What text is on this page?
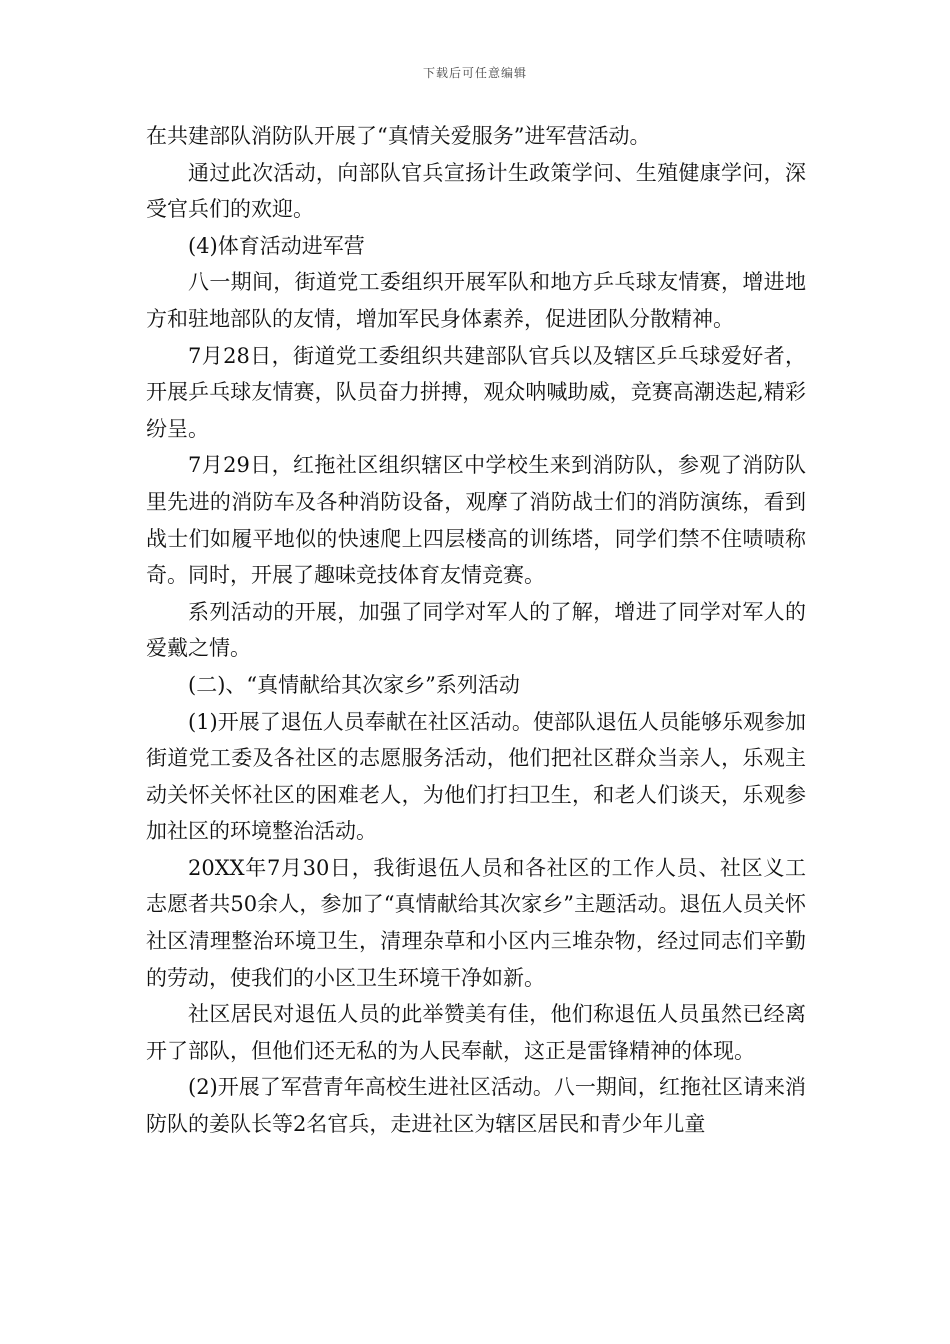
下载后可任意编辑

在共建部队消防队开展了“真情关爱服务”进军营活动。

通过此次活动，向部队官兵宣扬计生政策学问、生殖健康学问，深受官兵们的欢迎。

(4)体育活动进军营

八一期间，街道党工委组织开展军队和地方乒乓球友情赛，增进地方和驻地部队的友情，增加军民身体素养，促进团队分散精神。

7月28日，街道党工委组织共建部队官兵以及辖区乒乓球爱好者，开展乒乓球友情赛，队员奋力拼搏，观众呐喊助威，竞赛高潮迭起,精彩纷呈。

7月29日，红拖社区组织辖区中学校生来到消防队，参观了消防队里先进的消防车及各种消防设备，观摩了消防战士们的消防演练，看到战士们如履平地似的快速爬上四层楼高的训练塔，同学们禁不住啧啧称奇。同时，开展了趣味竞技体育友情竞赛。

系列活动的开展，加强了同学对军人的了解，增进了同学对军人的爱戴之情。

(二)、“真情献给其次家乡”系列活动

(1)开展了退伍人员奉献在社区活动。使部队退伍人员能够乐观参加街道党工委及各社区的志愿服务活动，他们把社区群众当亲人，乐观主动关怀关怀社区的困难老人，为他们打扫卫生，和老人们谈天，乐观参加社区的环境整治活动。

20XX年7月30日，我街退伍人员和各社区的工作人员、社区义工志愿者共50余人，参加了“真情献给其次家乡”主题活动。退伍人员关怀社区清理整治环境卫生，清理杂草和小区内三堆杂物，经过同志们辛勤的劳动，使我们的小区卫生环境干净如新。

社区居民对退伍人员的此举赞美有佳，他们称退伍人员虽然已经离开了部队，但他们还无私的为人民奉献，这正是雷锋精神的体现。

(2)开展了军营青年高校生进社区活动。八一期间，红拖社区请来消防队的姜队长等2名官兵，走进社区为辖区居民和青少年儿童
